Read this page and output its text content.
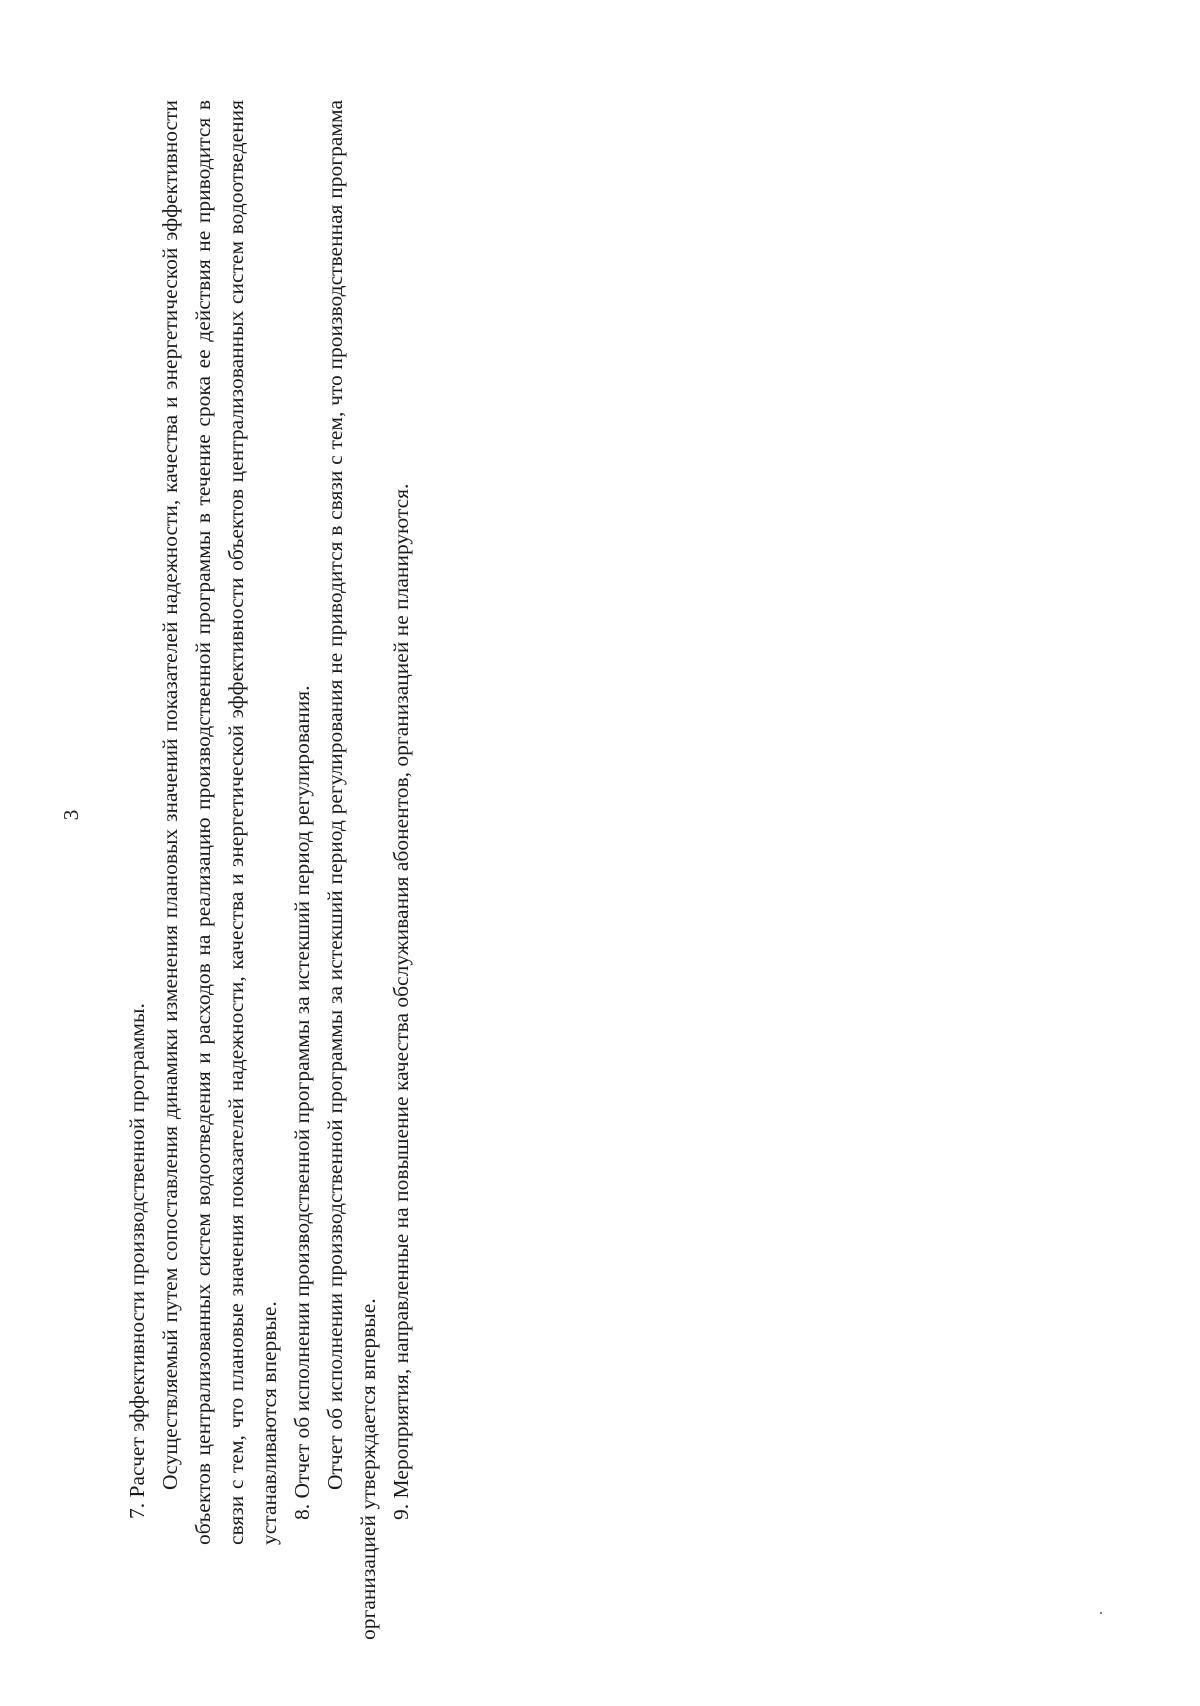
3

7. Расчет эффективности производственной программы. Осуществляемый путем сопоставления динамики изменения плановых значений показателей надежности, качества и энергетической эффективности объектов централизованных систем водоотведения и расходов на реализацию производственной программы в течение срока ее действия не приводится в связи с тем, что плановые значения показателей надежности, качества и энергетической эффективности объектов централизованных систем водоотведения устанавливаются впервые. 8. Отчет об исполнении производственной программы за истекший период регулирования. Отчет об исполнении производственной программы за истекший период регулирования не приводится в связи с тем, что производственная программа организацией утверждается впервые. 9. Мероприятия, направленные на повышение качества обслуживания абонентов, организацией не планируются.
